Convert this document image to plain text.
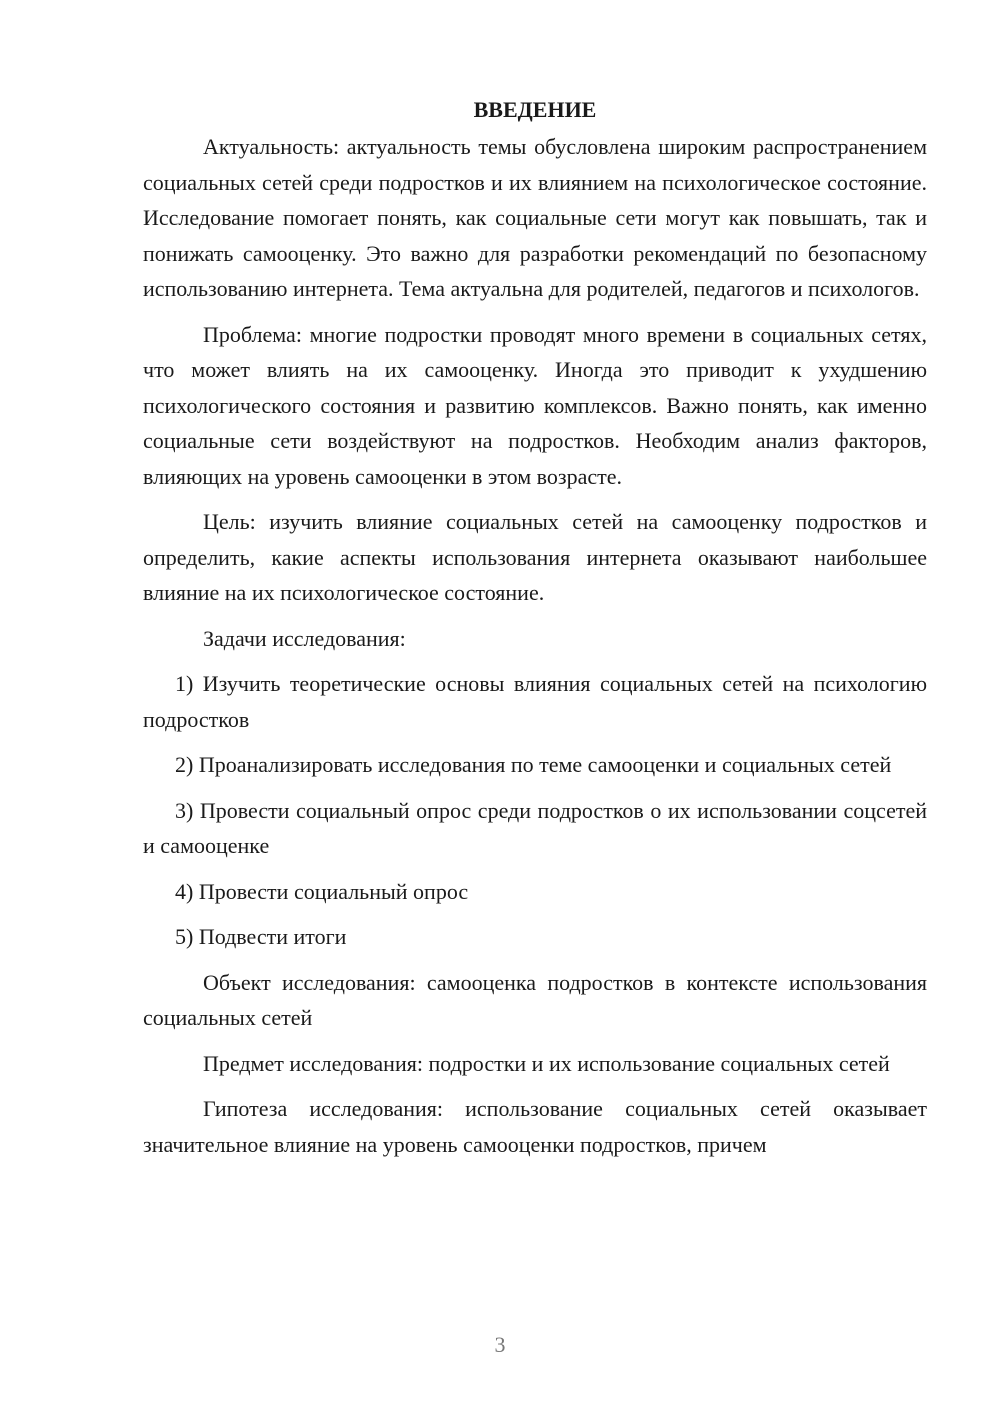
ВВЕДЕНИЕ

Актуальность: актуальность темы обусловлена широким распространением социальных сетей среди подростков и их влиянием на психологическое состояние. Исследование помогает понять, как социальные сети могут как повышать, так и понижать самооценку. Это важно для разработки рекомендаций по безопасному использованию интернета. Тема актуальна для родителей, педагогов и психологов.

Проблема: многие подростки проводят много времени в социальных сетях, что может влиять на их самооценку. Иногда это приводит к ухудшению психологического состояния и развитию комплексов. Важно понять, как именно социальные сети воздействуют на подростков. Необходим анализ факторов, влияющих на уровень самооценки в этом возрасте.

Цель: изучить влияние социальных сетей на самооценку подростков и определить, какие аспекты использования интернета оказывают наибольшее влияние на их психологическое состояние.

Задачи исследования:

1) Изучить теоретические основы влияния социальных сетей на психологию подростков

2) Проанализировать исследования по теме самооценки и социальных сетей

3) Провести социальный опрос среди подростков о их использовании соцсетей и самооценке

4) Провести социальный опрос

5) Подвести итоги

Объект исследования: самооценка подростков в контексте использования социальных сетей

Предмет исследования: подростки и их использование социальных сетей

Гипотеза исследования: использование социальных сетей оказывает значительное влияние на уровень самооценки подростков, причем

3
